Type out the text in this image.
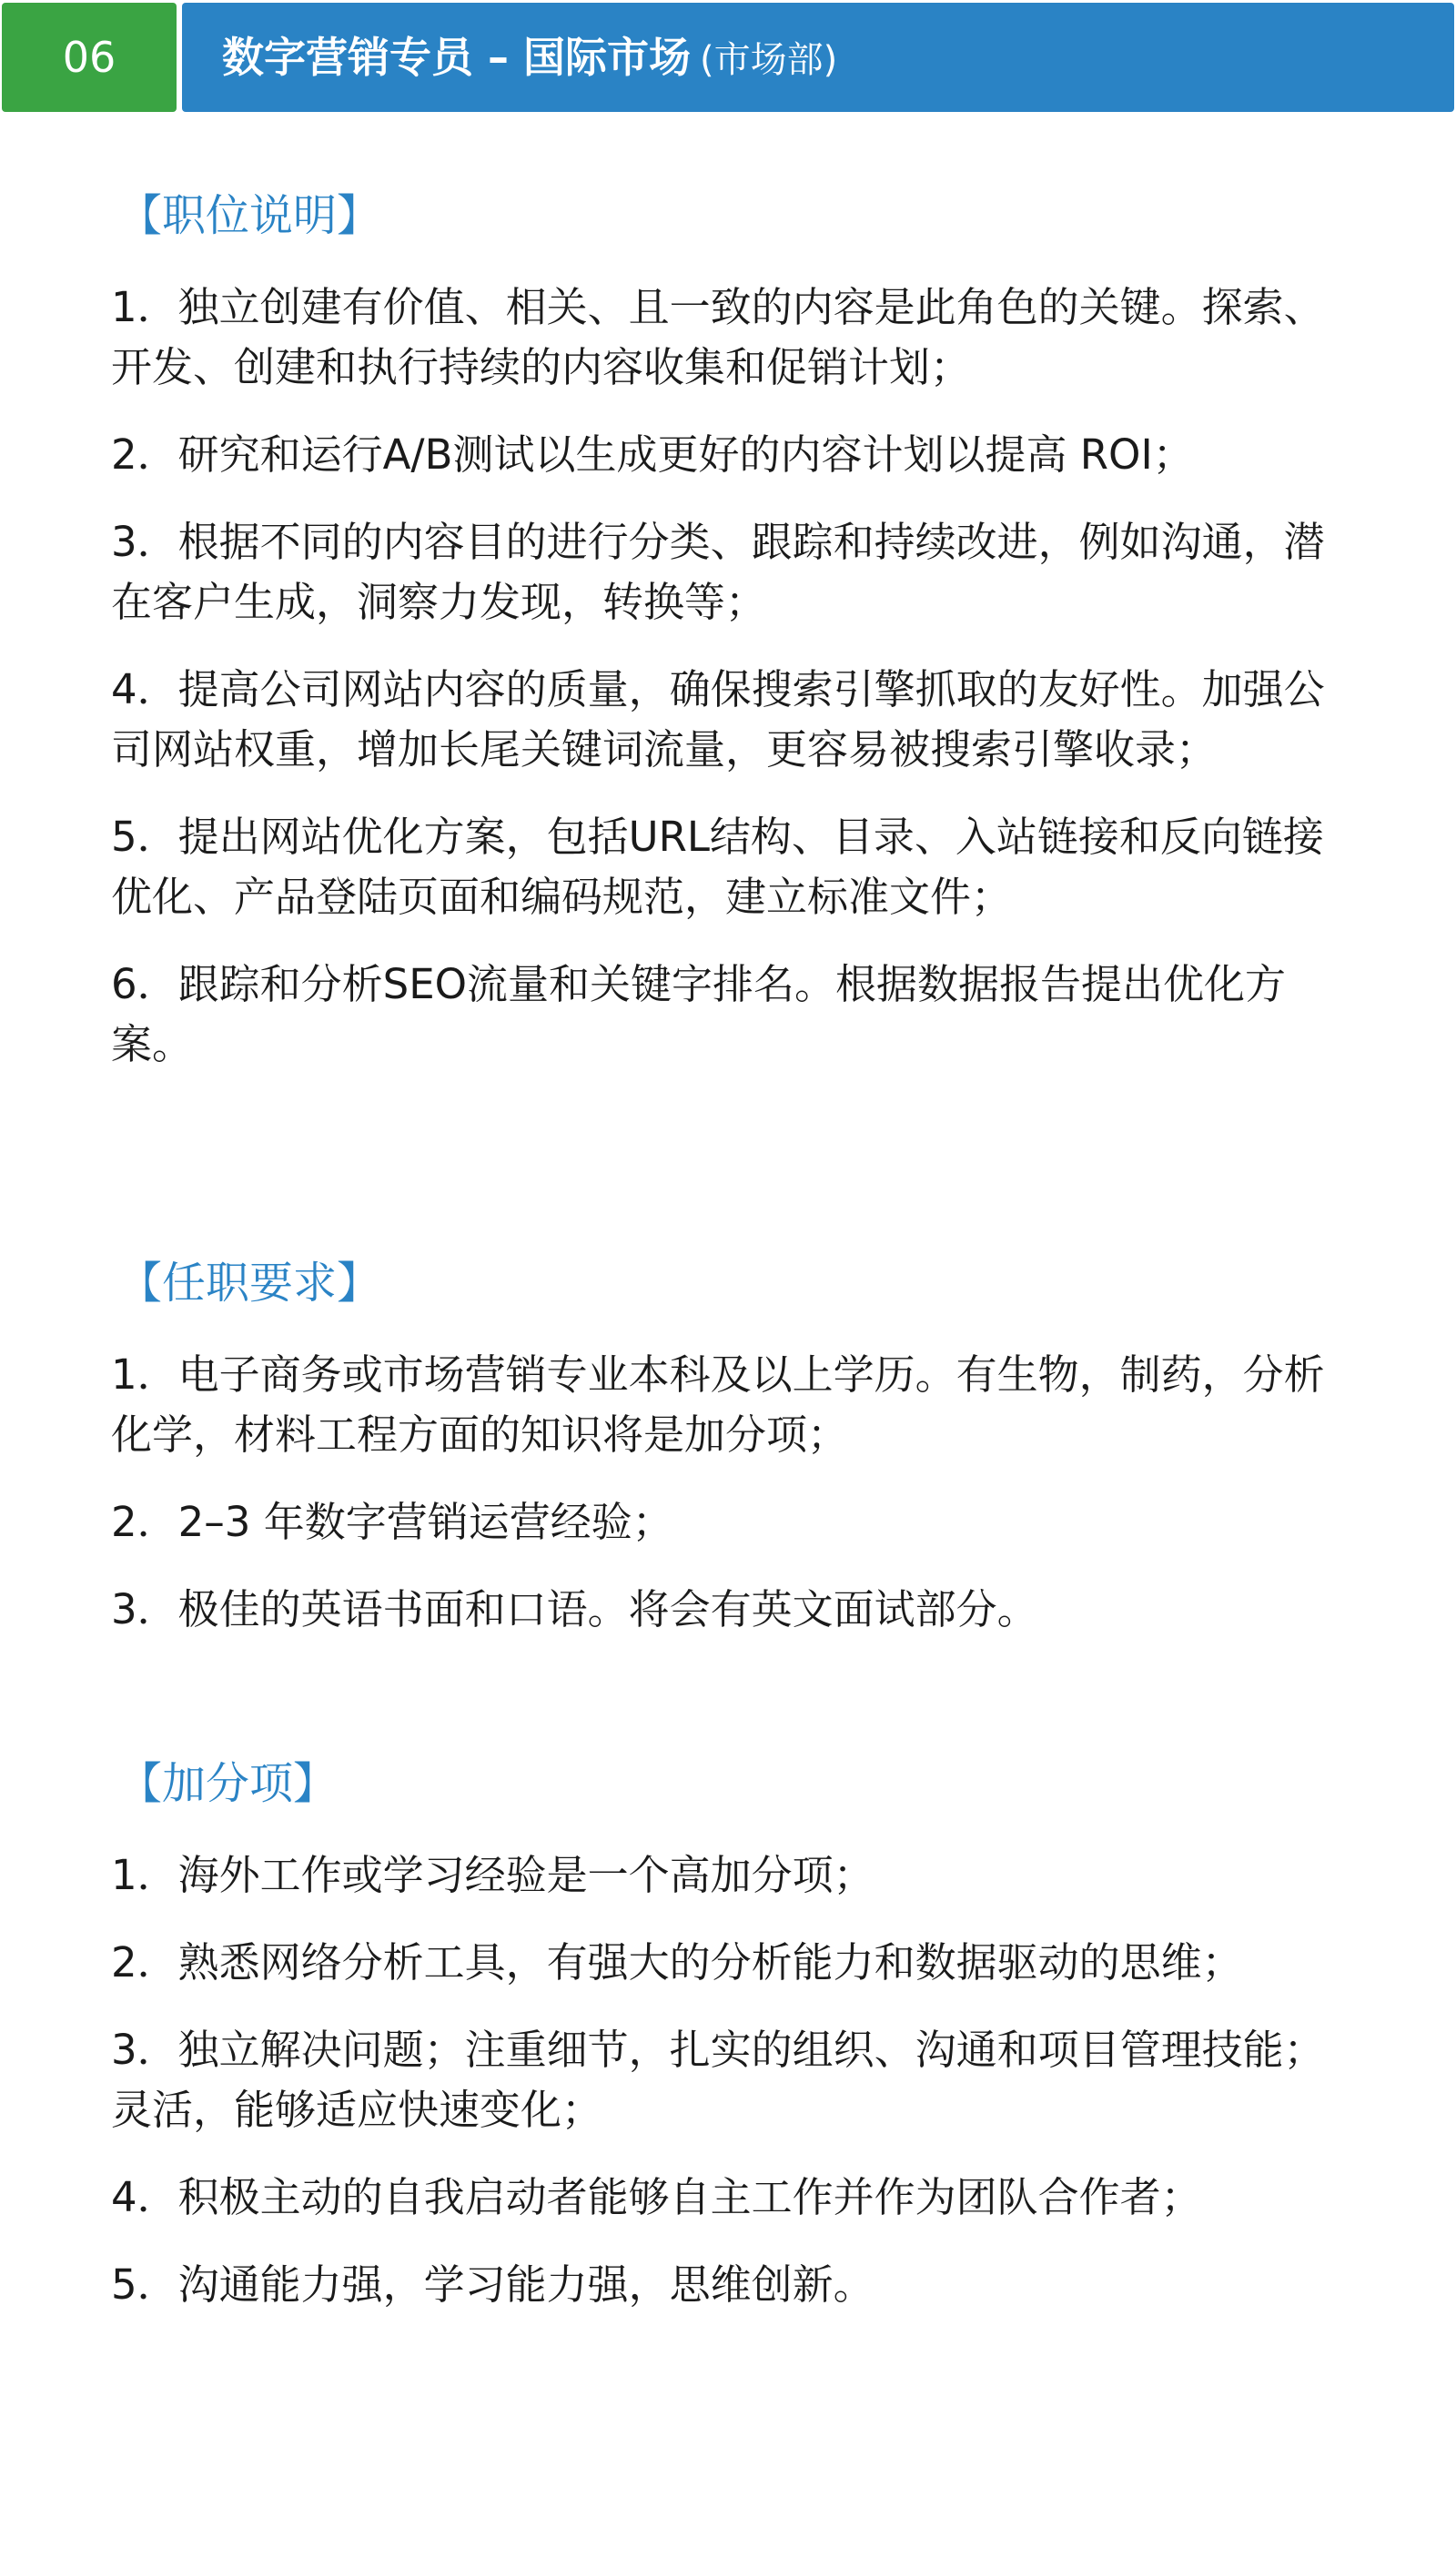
06	数字营销专员 – 国际市场 (市场部)
【职位说明】
1．独立创建有价值、相关、且一致的内容是此角色的关键。探索、开发、创建和执行持续的内容收集和促销计划；
2．研究和运行A/B测试以生成更好的内容计划以提高 ROI；
3．根据不同的内容目的进行分类、跟踪和持续改进，例如沟通，潜在客户生成，洞察力发现，转换等；
4．提高公司网站内容的质量，确保搜索引擎抓取的友好性。加强公司网站权重，增加长尾关键词流量，更容易被搜索引擎收录；
5．提出网站优化方案，包括URL结构、目录、入站链接和反向链接优化、产品登陆页面和编码规范，建立标准文件；
6．跟踪和分析SEO流量和关键字排名。根据数据报告提出优化方案。
【任职要求】
1．电子商务或市场营销专业本科及以上学历。有生物，制药，分析化学，材料工程方面的知识将是加分项；
2．2–3 年数字营销运营经验；
3．极佳的英语书面和口语。将会有英文面试部分。
【加分项】
1．海外工作或学习经验是一个高加分项；
2．熟悉网络分析工具，有强大的分析能力和数据驱动的思维；
3．独立解决问题；注重细节，扎实的组织、沟通和项目管理技能；灵活，能够适应快速变化；
4．积极主动的自我启动者能够自主工作并作为团队合作者；
5．沟通能力强，学习能力强，思维创新。
